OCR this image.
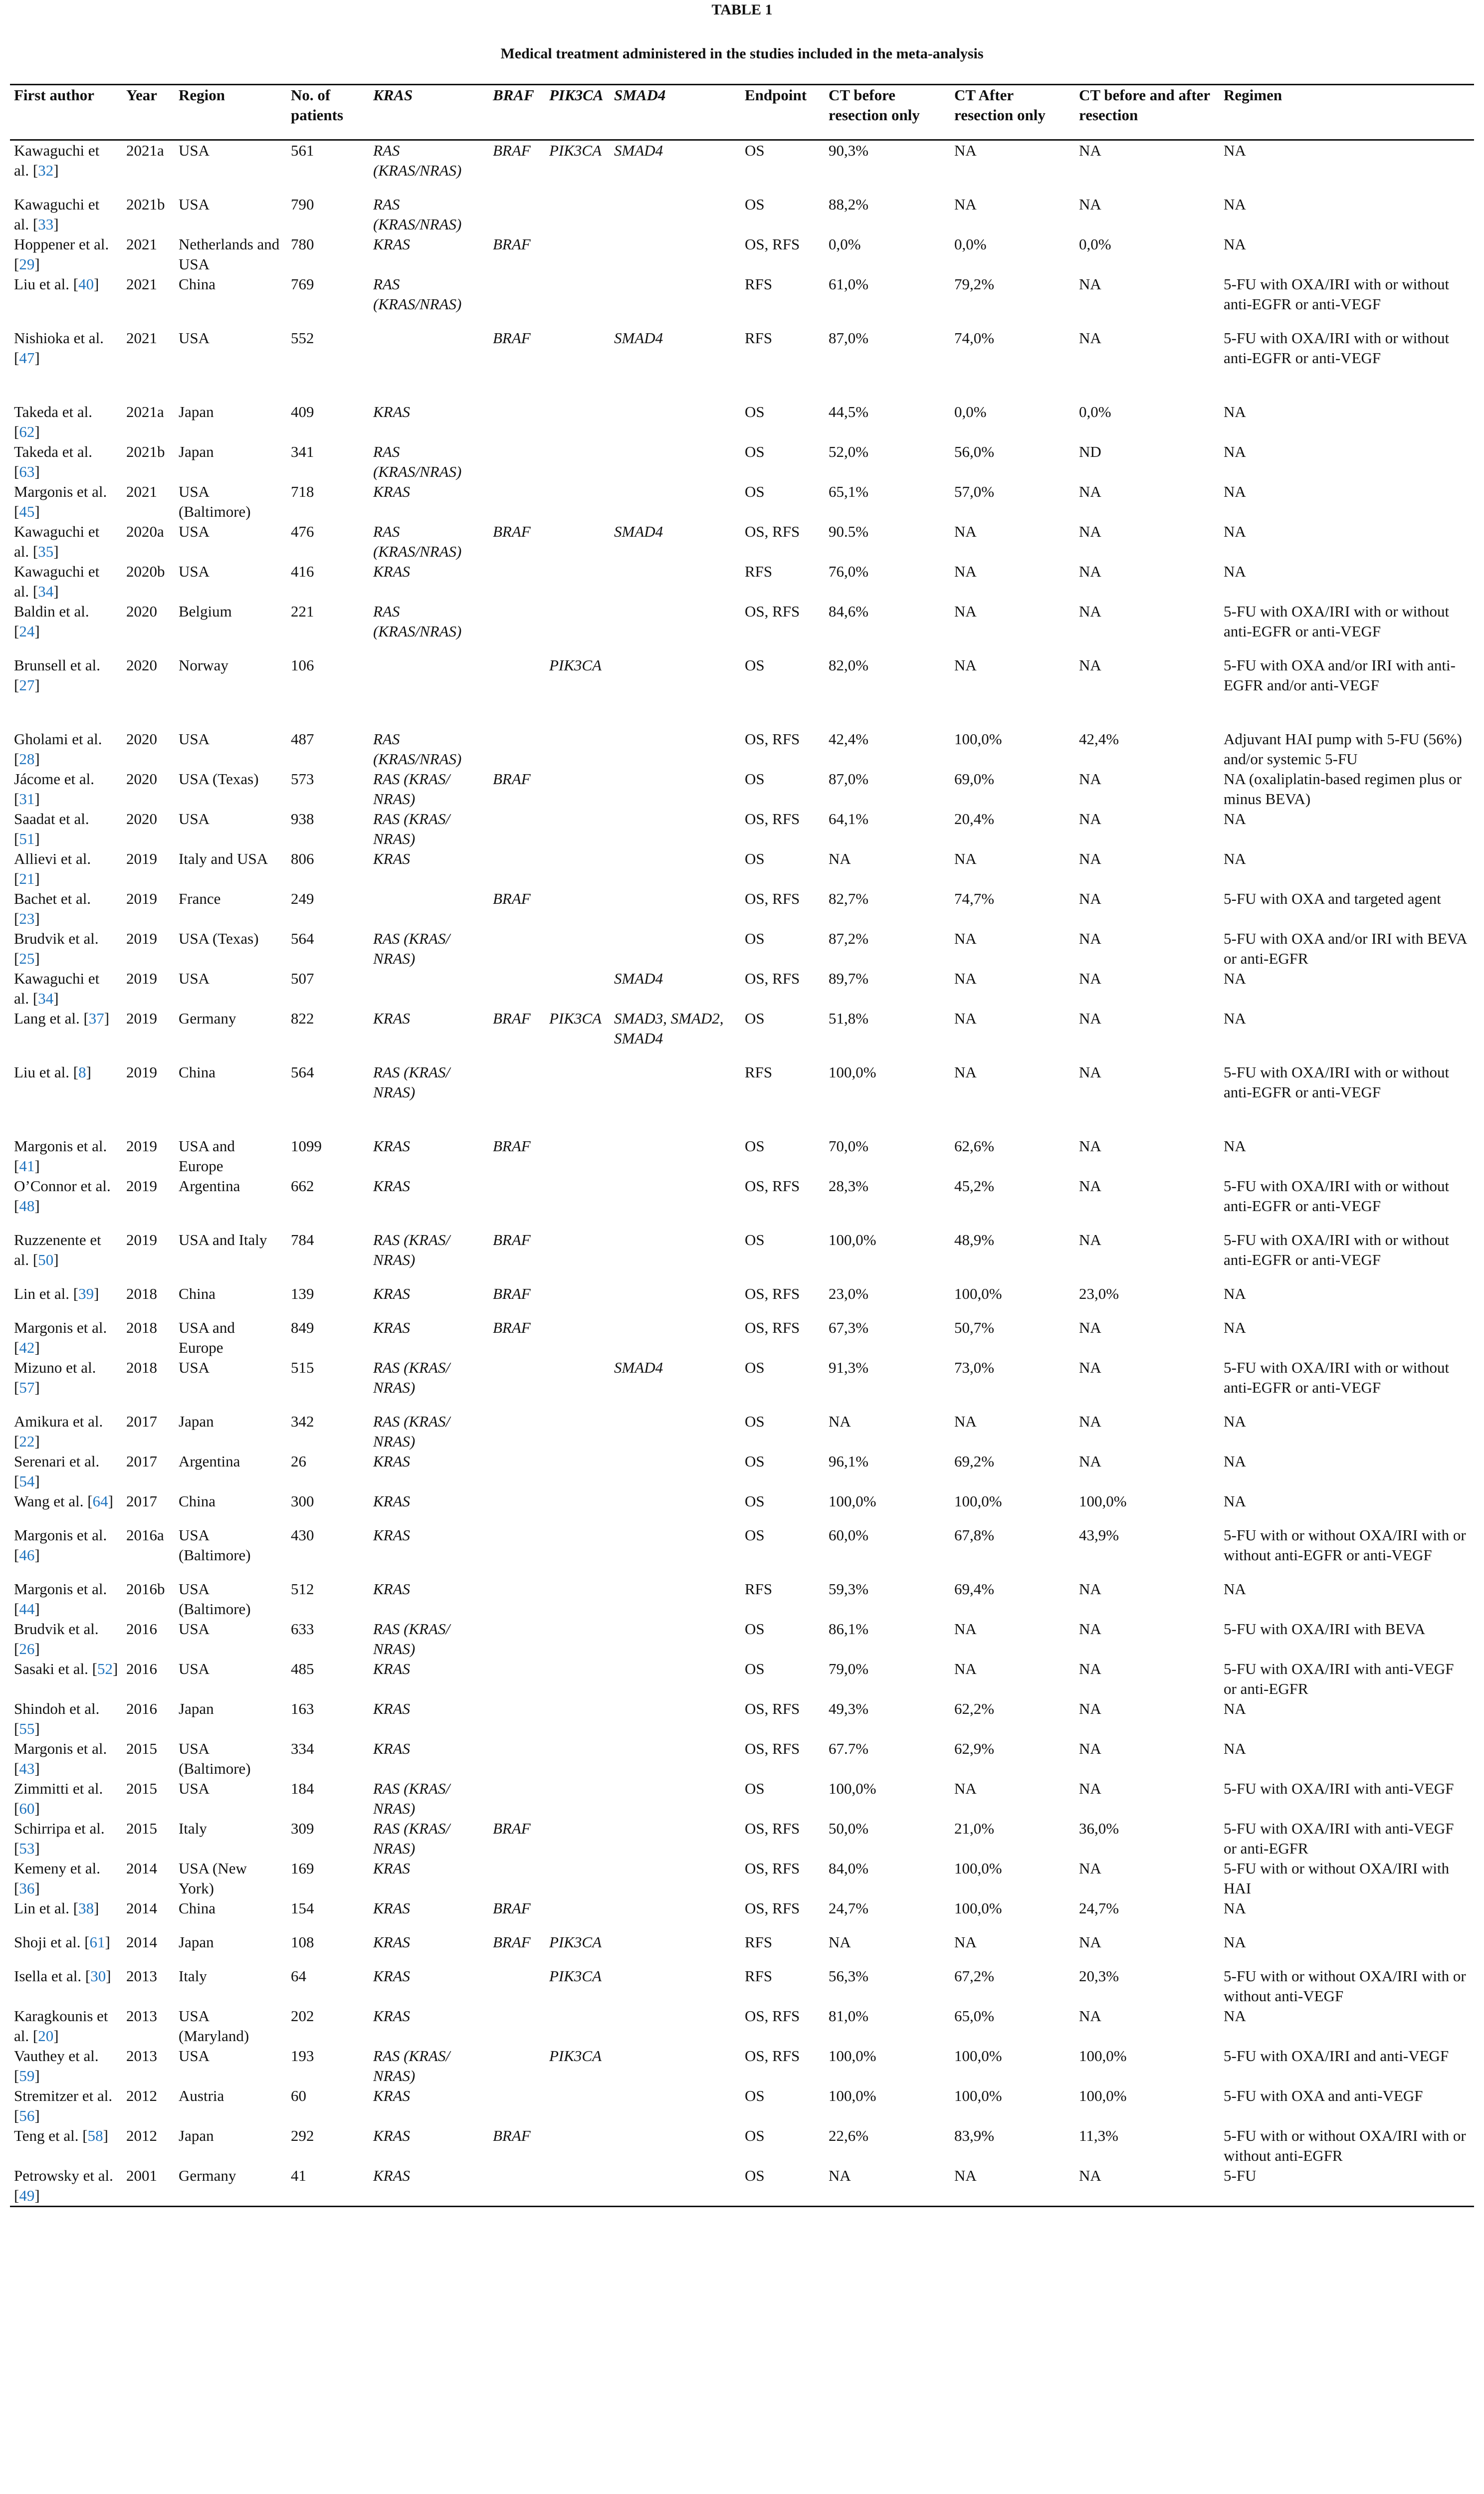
TABLE 1
Medical treatment administered in the studies included in the meta-analysis
First author	Year	Region	No. of patients	KRAS	BRAF	PIK3CA	SMAD4	Endpoint	CT before resection only	CT After resection only	CT before and after resection	Regimen
Kawaguchi et al. [32]	2021a	USA	561	RAS (KRAS/NRAS)	BRAF	PIK3CA	SMAD4	OS	90,3%	NA	NA	NA
Kawaguchi et al. [33]	2021b	USA	790	RAS (KRAS/NRAS)				OS	88,2%	NA	NA	NA
Hoppener et al. [29]	2021	Netherlands and USA	780	KRAS	BRAF			OS, RFS	0,0%	0,0%	0,0%	NA
Liu et al. [40]	2021	China	769	RAS (KRAS/NRAS)				RFS	61,0%	79,2%	NA	5-FU with OXA/IRI with or without anti-EGFR or anti-VEGF
Nishioka et al. [47]	2021	USA	552		BRAF		SMAD4	RFS	87,0%	74,0%	NA	5-FU with OXA/IRI with or without anti-EGFR or anti-VEGF
Takeda et al. [62]	2021a	Japan	409	KRAS				OS	44,5%	0,0%	0,0%	NA
Takeda et al. [63]	2021b	Japan	341	RAS (KRAS/NRAS)				OS	52,0%	56,0%	ND	NA
Margonis et al. [45]	2021	USA (Baltimore)	718	KRAS				OS	65,1%	57,0%	NA	NA
Kawaguchi et al. [35]	2020a	USA	476	RAS (KRAS/NRAS)	BRAF		SMAD4	OS, RFS	90.5%	NA	NA	NA
Kawaguchi et al. [34]	2020b	USA	416	KRAS				RFS	76,0%	NA	NA	NA
Baldin et al. [24]	2020	Belgium	221	RAS (KRAS/NRAS)				OS, RFS	84,6%	NA	NA	5-FU with OXA/IRI with or without anti-EGFR or anti-VEGF
Brunsell et al. [27]	2020	Norway	106			PIK3CA		OS	82,0%	NA	NA	5-FU with OXA and/or IRI with anti-EGFR and/or anti-VEGF
Gholami et al. [28]	2020	USA	487	RAS (KRAS/NRAS)				OS, RFS	42,4%	100,0%	42,4%	Adjuvant HAI pump with 5-FU (56%) and/or systemic 5-FU
Jácome et al. [31]	2020	USA (Texas)	573	RAS (KRAS/ NRAS)	BRAF			OS	87,0%	69,0%	NA	NA (oxaliplatin-based regimen plus or minus BEVA)
Saadat et al. [51]	2020	USA	938	RAS (KRAS/ NRAS)				OS, RFS	64,1%	20,4%	NA	NA
Allievi et al. [21]	2019	Italy and USA	806	KRAS				OS	NA	NA	NA	NA
Bachet et al. [23]	2019	France	249		BRAF			OS, RFS	82,7%	74,7%	NA	5-FU with OXA and targeted agent
Brudvik et al. [25]	2019	USA (Texas)	564	RAS (KRAS/ NRAS)				OS	87,2%	NA	NA	5-FU with OXA and/or IRI with BEVA or anti-EGFR
Kawaguchi et al. [34]	2019	USA	507				SMAD4	OS, RFS	89,7%	NA	NA	NA
Lang et al. [37]	2019	Germany	822	KRAS	BRAF	PIK3CA	SMAD3, SMAD2, SMAD4	OS	51,8%	NA	NA	NA
Liu et al. [8]	2019	China	564	RAS (KRAS/ NRAS)				RFS	100,0%	NA	NA	5-FU with OXA/IRI with or without anti-EGFR or anti-VEGF
Margonis et al. [41]	2019	USA and Europe	1099	KRAS	BRAF			OS	70,0%	62,6%	NA	NA
O’Connor et al. [48]	2019	Argentina	662	KRAS				OS, RFS	28,3%	45,2%	NA	5-FU with OXA/IRI with or without anti-EGFR or anti-VEGF
Ruzzenente et al. [50]	2019	USA and Italy	784	RAS (KRAS/ NRAS)	BRAF			OS	100,0%	48,9%	NA	5-FU with OXA/IRI with or without anti-EGFR or anti-VEGF
Lin et al. [39]	2018	China	139	KRAS	BRAF			OS, RFS	23,0%	100,0%	23,0%	NA
Margonis et al. [42]	2018	USA and Europe	849	KRAS	BRAF			OS, RFS	67,3%	50,7%	NA	NA
Mizuno et al. [57]	2018	USA	515	RAS (KRAS/ NRAS)			SMAD4	OS	91,3%	73,0%	NA	5-FU with OXA/IRI with or without anti-EGFR or anti-VEGF
Amikura et al. [22]	2017	Japan	342	RAS (KRAS/ NRAS)				OS	NA	NA	NA	NA
Serenari et al. [54]	2017	Argentina	26	KRAS				OS	96,1%	69,2%	NA	NA
Wang et al. [64]	2017	China	300	KRAS				OS	100,0%	100,0%	100,0%	NA
Margonis et al. [46]	2016a	USA (Baltimore)	430	KRAS				OS	60,0%	67,8%	43,9%	5-FU with or without OXA/IRI with or without anti-EGFR or anti-VEGF
Margonis et al. [44]	2016b	USA (Baltimore)	512	KRAS				RFS	59,3%	69,4%	NA	NA
Brudvik et al. [26]	2016	USA	633	RAS (KRAS/ NRAS)				OS	86,1%	NA	NA	5-FU with OXA/IRI with BEVA
Sasaki et al. [52]	2016	USA	485	KRAS				OS	79,0%	NA	NA	5-FU with OXA/IRI with anti-VEGF or anti-EGFR
Shindoh et al. [55]	2016	Japan	163	KRAS				OS, RFS	49,3%	62,2%	NA	NA
Margonis et al. [43]	2015	USA (Baltimore)	334	KRAS				OS, RFS	67.7%	62,9%	NA	NA
Zimmitti et al. [60]	2015	USA	184	RAS (KRAS/ NRAS)				OS	100,0%	NA	NA	5-FU with OXA/IRI with anti-VEGF
Schirripa et al. [53]	2015	Italy	309	RAS (KRAS/ NRAS)	BRAF			OS, RFS	50,0%	21,0%	36,0%	5-FU with OXA/IRI with anti-VEGF or anti-EGFR
Kemeny et al. [36]	2014	USA (New York)	169	KRAS				OS, RFS	84,0%	100,0%	NA	5-FU with or without OXA/IRI with HAI
Lin et al. [38]	2014	China	154	KRAS	BRAF			OS, RFS	24,7%	100,0%	24,7%	NA
Shoji et al. [61]	2014	Japan	108	KRAS	BRAF	PIK3CA		RFS	NA	NA	NA	NA
Isella et al. [30]	2013	Italy	64	KRAS		PIK3CA		RFS	56,3%	67,2%	20,3%	5-FU with or without OXA/IRI with or without anti-VEGF
Karagkounis et al. [20]	2013	USA (Maryland)	202	KRAS				OS, RFS	81,0%	65,0%	NA	NA
Vauthey et al. [59]	2013	USA	193	RAS (KRAS/ NRAS)		PIK3CA		OS, RFS	100,0%	100,0%	100,0%	5-FU with OXA/IRI and anti-VEGF
Stremitzer et al. [56]	2012	Austria	60	KRAS				OS	100,0%	100,0%	100,0%	5-FU with OXA and anti-VEGF
Teng et al. [58]	2012	Japan	292	KRAS	BRAF			OS	22,6%	83,9%	11,3%	5-FU with or without OXA/IRI with or without anti-EGFR
Petrowsky et al. [49]	2001	Germany	41	KRAS				OS	NA	NA	NA	5-FU
